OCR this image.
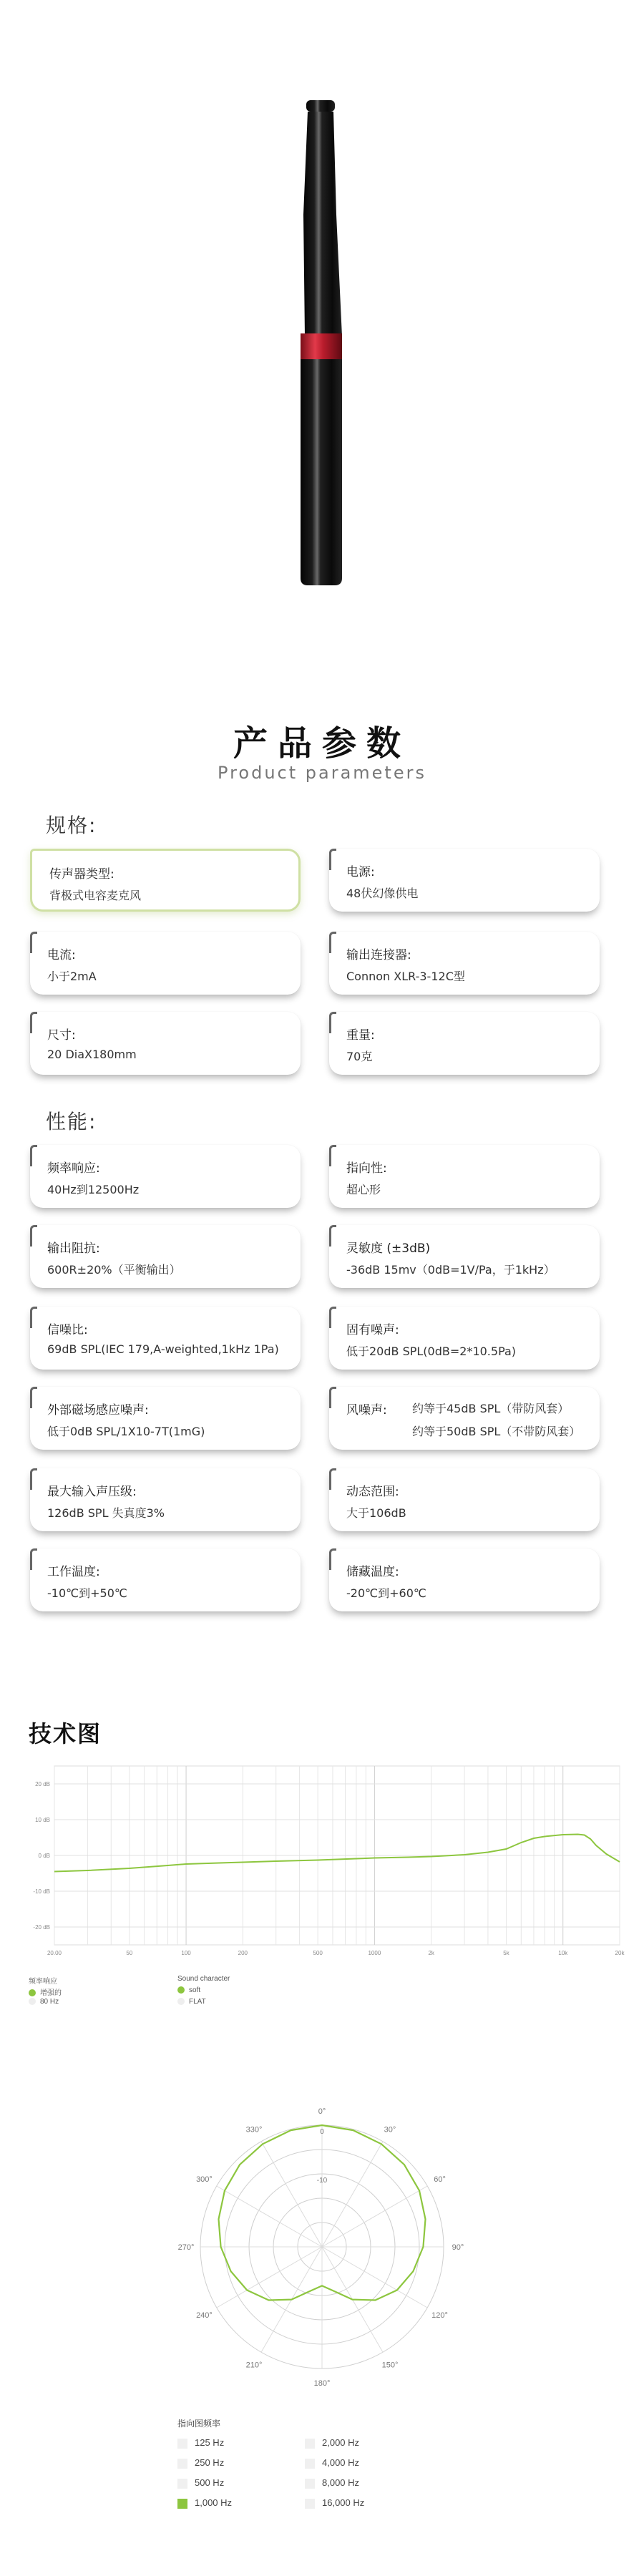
产品参数
Product parameters
规格:
传声器类型:
背极式电容麦克风
电源:
48伏幻像供电
电流:
小于2mA
输出连接器:
Connon XLR-3-12C型
尺寸:
20 DiaX180mm
重量:
70克
性能:
频率响应:
40Hz到12500Hz
指向性:
超心形
输出阻抗:
600R±20%（平衡输出）
灵敏度 (±3dB)
-36dB 15mv（0dB=1V/Pa，于1kHz）
信噪比:
69dB SPL(IEC 179,A-weighted,1kHz 1Pa)
固有噪声:
低于20dB SPL(0dB=2*10.5Pa)
外部磁场感应噪声:
低于0dB SPL/1X10-7T(1mG)
风噪声: 约等于45dB SPL（带防风套）
约等于50dB SPL（不带防风套）
最大输入声压级:
126dB SPL 失真度3%
动态范围:
大于106dB
工作温度:
-10℃到+50℃
储藏温度:
-20℃到+60℃
技术图
20 dB
10 dB
0 dB
-10 dB
-20 dB
20.00	50	100	200	500	1000	2k	5k	10k	20k
频率响应
增强的
80 Hz
Sound character
soft
FLAT
0°
30°
60°
90°
120°
150°
180°
210°
240°
270°
300°
330°	0
-10
指向图频率
125 Hz
250 Hz
500 Hz
1,000 Hz
2,000 Hz
4,000 Hz
8,000 Hz
16,000 Hz
